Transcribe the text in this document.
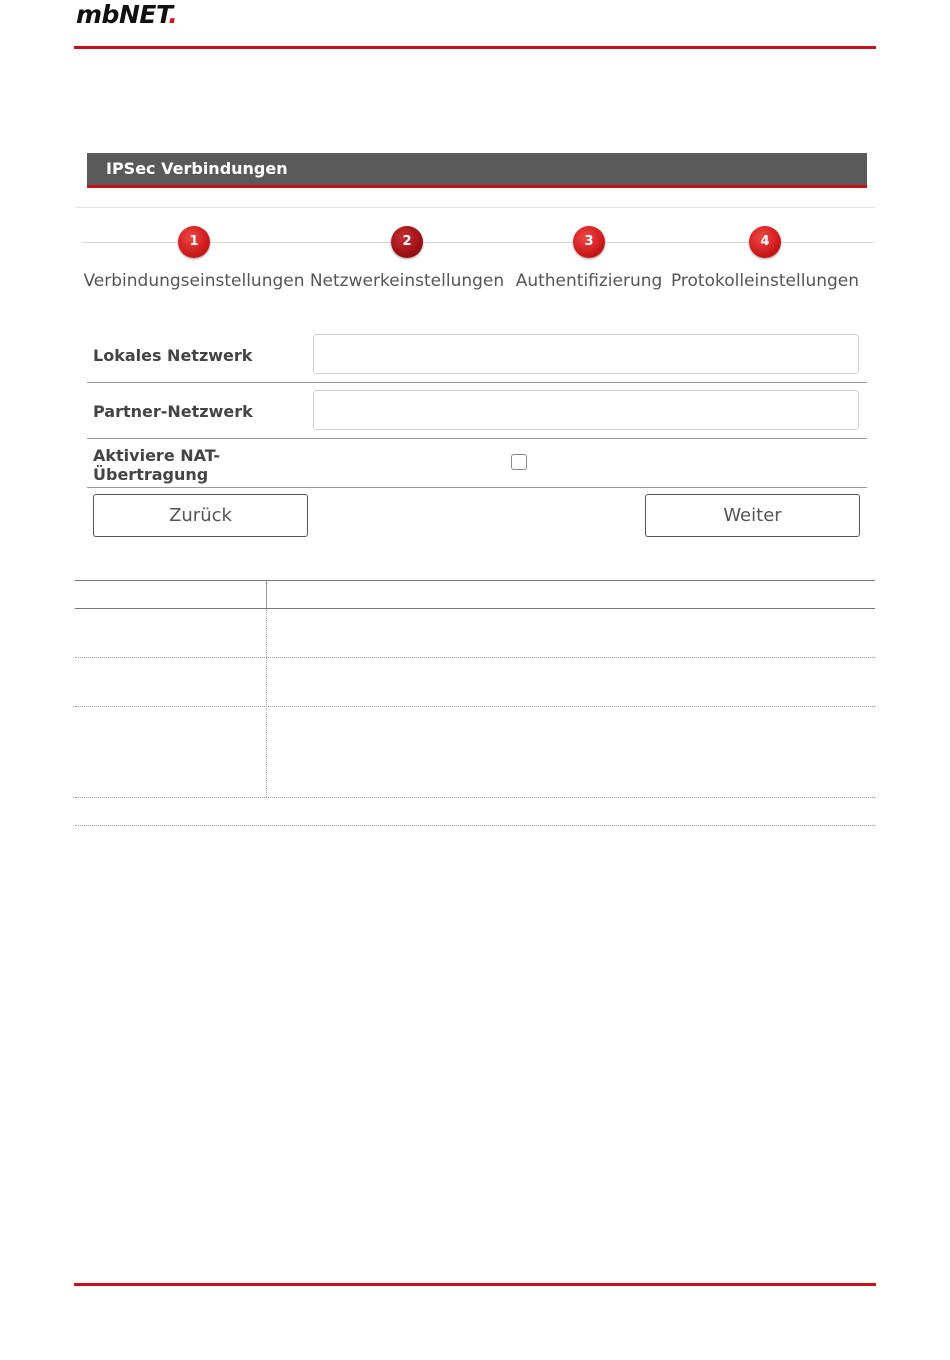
mbNET.
IPSec Verbindungen
1
Verbindungseinstellungen
2
Netzwerkeinstellungen
3
Authentifizierung
4
Protokolleinstellungen
Lokales Netzwerk
Partner-Netzwerk
Aktiviere NAT-
Übertragung
Zurück	Weiter
